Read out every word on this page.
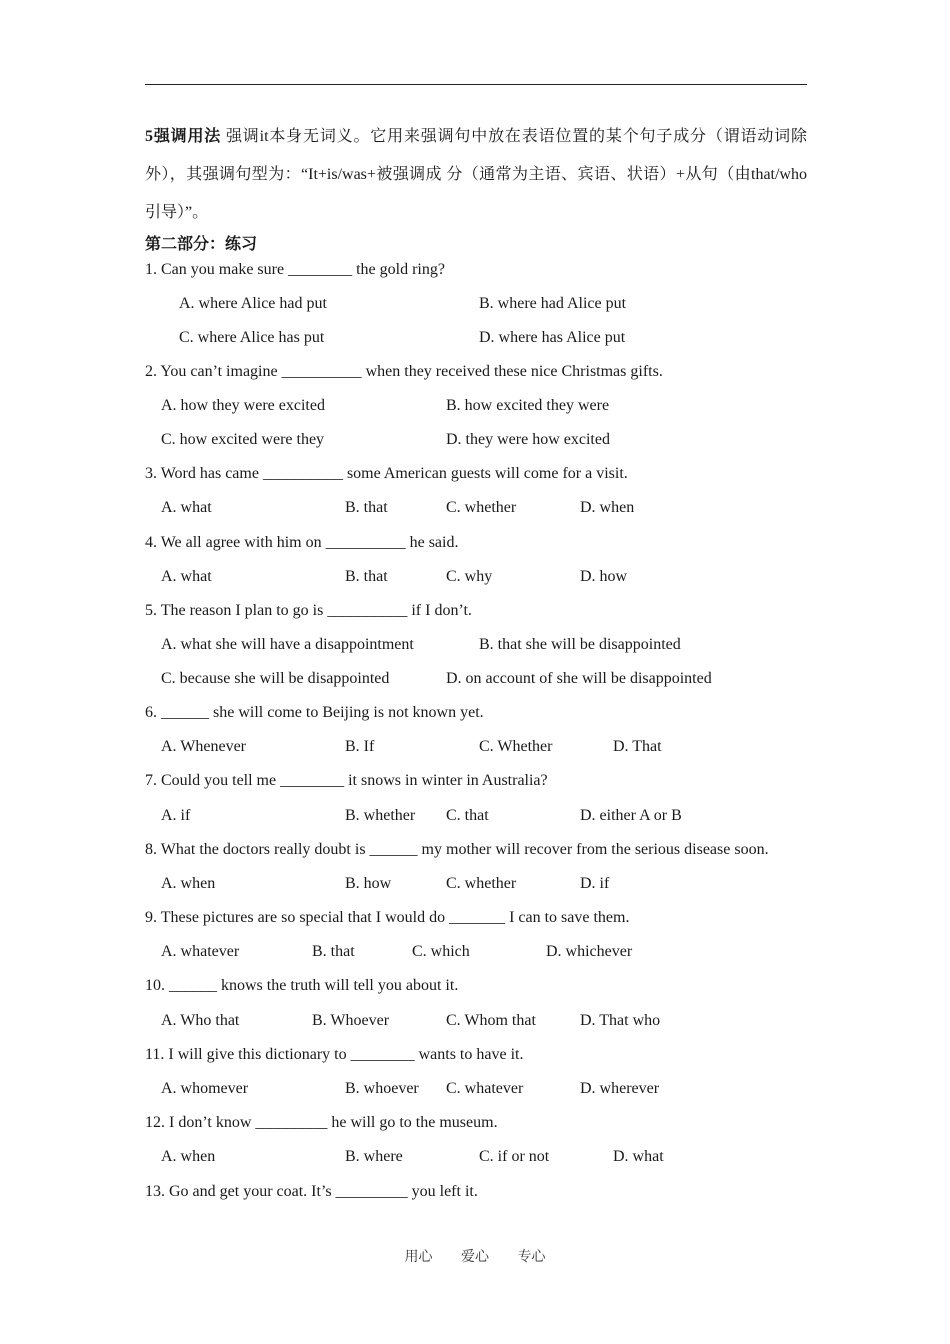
5强调用法 强调it本身无词义。它用来强调句中放在表语位置的某个句子成分（谓语动词除外），其强调句型为：“It+is/was+被强调成 分（通常为主语、宾语、状语）+从句（由that/who引导）”。
第二部分：练习
1. Can you make sure ________ the gold ring?
A. where Alice had put	B. where had Alice put
C. where Alice has put	D. where has Alice put
2. You can’t imagine __________ when they received these nice Christmas gifts.
A. how they were excited	B. how excited they were
C. how excited were they	D. they were how excited
3. Word has came __________ some American guests will come for a visit.
A. what	B. that	C. whether	D. when
4. We all agree with him on __________ he said.
A. what	B. that	C. why	D. how
5. The reason I plan to go is __________ if I don’t.
A. what she will have a disappointment	B. that she will be disappointed
C. because she will be disappointed	D. on account of she will be disappointed
6. ______ she will come to Beijing is not known yet.
A. Whenever	B. If	C. Whether	D. That
7. Could you tell me ________ it snows in winter in Australia?
A. if	B. whether C. that	D. either A or B
8. What the doctors really doubt is ______ my mother will recover from the serious disease soon.
A. when	B. how	C. whether	D. if
9. These pictures are so special that I would do _______ I can to save them.
A. whatever	B. that	C. which	D. whichever
10. ______ knows the truth will tell you about it.
A. Who that	B. Whoever	C. Whom that	D. That who
11. I will give this dictionary to ________ wants to have it.
A. whomever	B. whoever C. whatever	D. wherever
12. I don’t know _________ he will go to the museum.
A. when	B. where	C. if or not	D. what
13. Go and get your coat. It’s _________ you left it.
用心 爱心 专心
